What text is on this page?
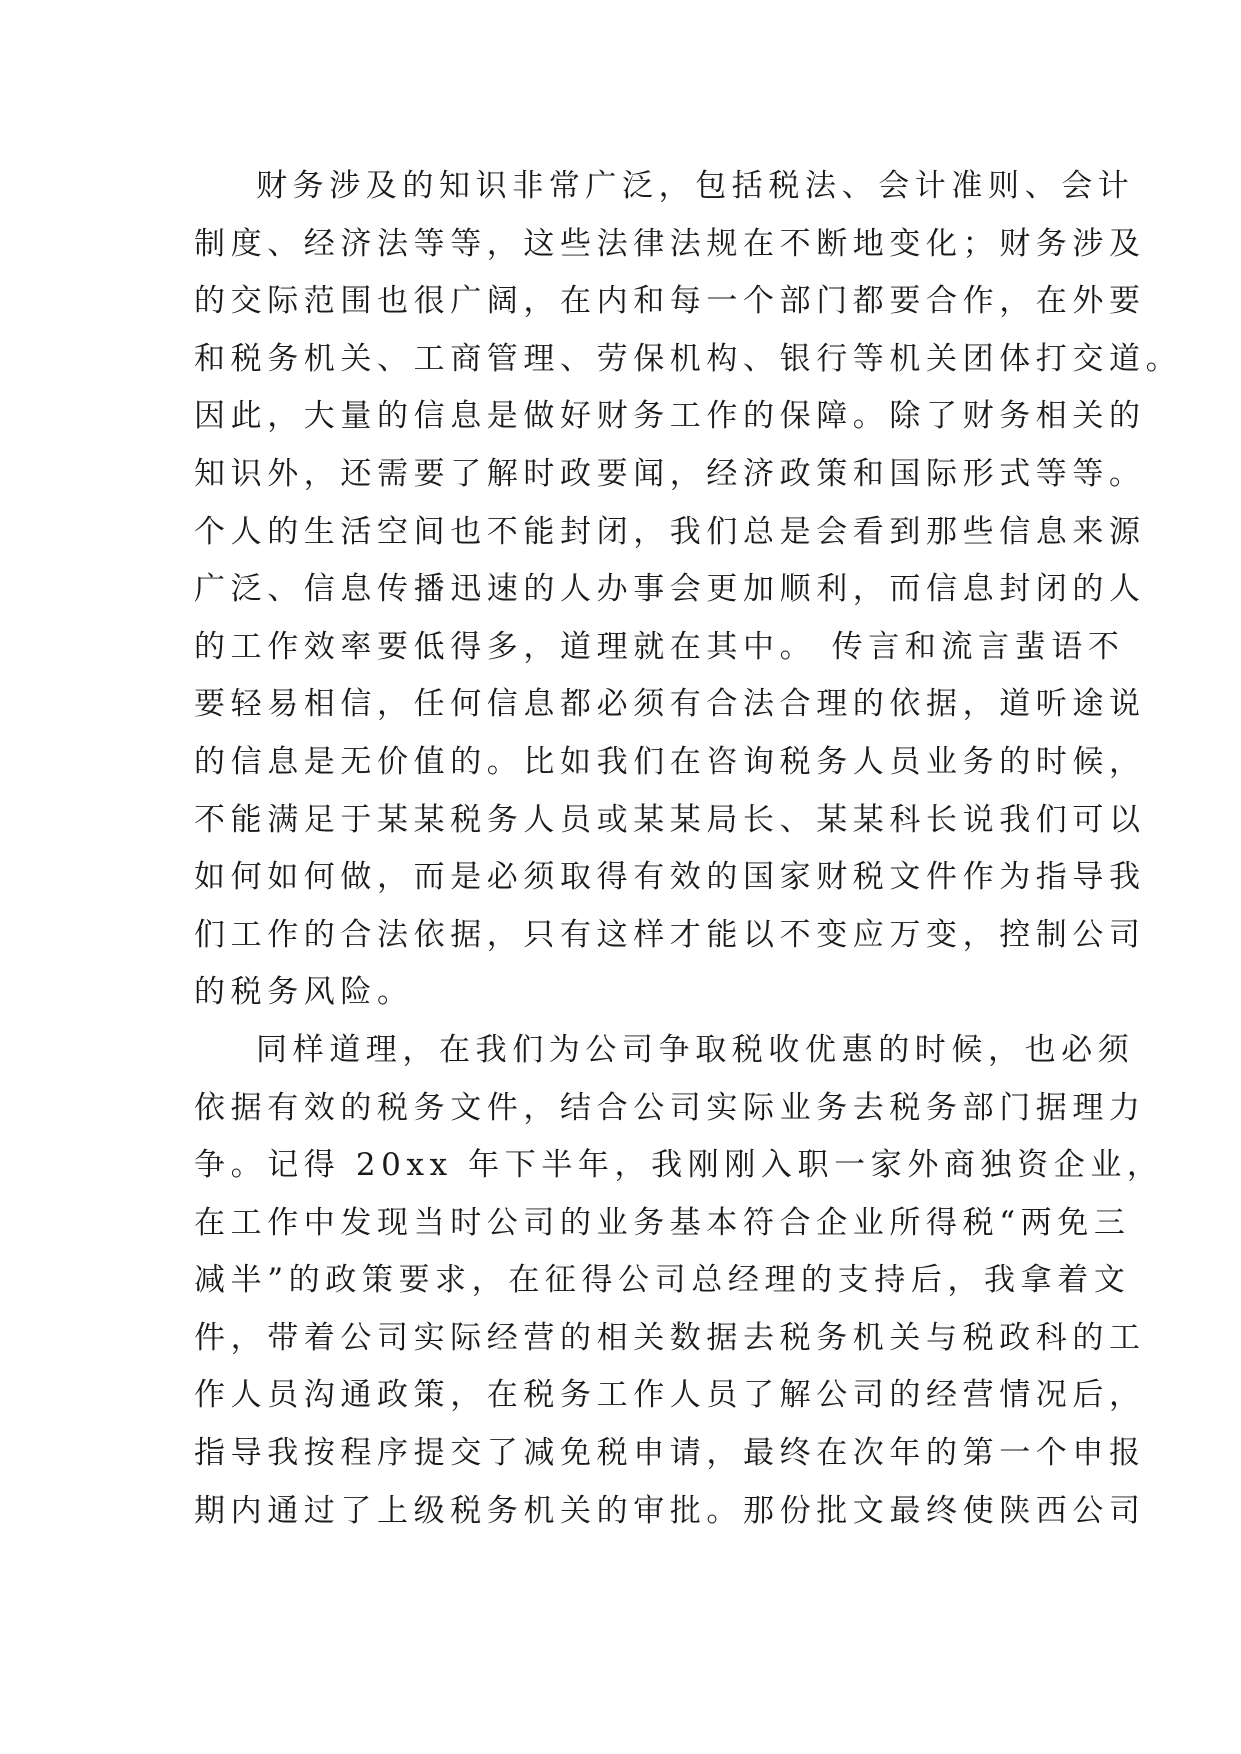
财务涉及的知识非常广泛，包括税法、会计准则、会计
制度、经济法等等，这些法律法规在不断地变化；财务涉及
的交际范围也很广阔，在内和每一个部门都要合作，在外要
和税务机关、工商管理、劳保机构、银行等机关团体打交道。
因此，大量的信息是做好财务工作的保障。除了财务相关的
知识外，还需要了解时政要闻，经济政策和国际形式等等。
个人的生活空间也不能封闭，我们总是会看到那些信息来源
广泛、信息传播迅速的人办事会更加顺利，而信息封闭的人
的工作效率要低得多，道理就在其中。 传言和流言蜚语不
要轻易相信，任何信息都必须有合法合理的依据，道听途说
的信息是无价值的。比如我们在咨询税务人员业务的时候，
不能满足于某某税务人员或某某局长、某某科长说我们可以
如何如何做，而是必须取得有效的国家财税文件作为指导我
们工作的合法依据，只有这样才能以不变应万变，控制公司
的税务风险。
同样道理，在我们为公司争取税收优惠的时候，也必须
依据有效的税务文件，结合公司实际业务去税务部门据理力
争。记得 20xx 年下半年，我刚刚入职一家外商独资企业，
在工作中发现当时公司的业务基本符合企业所得税“两免三
减半”的政策要求，在征得公司总经理的支持后，我拿着文
件，带着公司实际经营的相关数据去税务机关与税政科的工
作人员沟通政策，在税务工作人员了解公司的经营情况后，
指导我按程序提交了减免税申请，最终在次年的第一个申报
期内通过了上级税务机关的审批。那份批文最终使陕西公司
